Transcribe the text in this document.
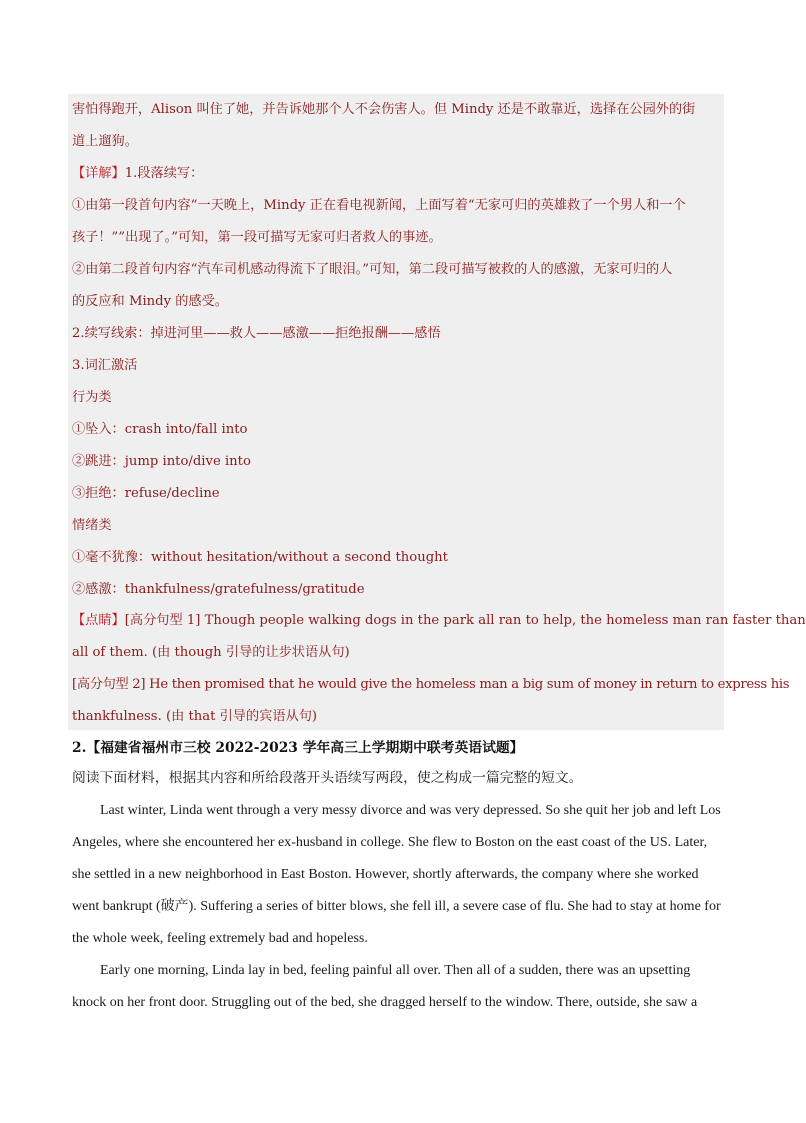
害怕得跑开，Alison 叫住了她，并告诉她那个人不会伤害人。但 Mindy 还是不敢靠近，选择在公园外的街
道上遛狗。
【详解】1.段落续写：
①由第一段首句内容“一天晚上，Mindy 正在看电视新闻，上面写着“无家可归的英雄救了一个男人和一个
孩子！””出现了。”可知，第一段可描写无家可归者救人的事迹。
②由第二段首句内容“汽车司机感动得流下了眼泪。”可知，第二段可描写被救的人的感激，无家可归的人
的反应和 Mindy 的感受。
2.续写线索：掉进河里——救人——感激——拒绝报酬——感悟
3.词汇激活
行为类
①坠入：crash into/fall into
②跳进：jump into/dive into
③拒绝：refuse/decline
情绪类
①毫不犹豫：without hesitation/without a second thought
②感激：thankfulness/gratefulness/gratitude
【点睛】[高分句型 1] Though people walking dogs in the park all ran to help, the homeless man ran faster than
all of them. (由 though 引导的让步状语从句)
[高分句型 2] He then promised that he would give the homeless man a big sum of money in return to express his
thankfulness. (由 that 引导的宾语从句)
2.【福建省福州市三校 2022-2023 学年高三上学期期中联考英语试题】
阅读下面材料，根据其内容和所给段落开头语续写两段，使之构成一篇完整的短文。
Last winter, Linda went through a very messy divorce and was very depressed. So she quit her job and left Los
Angeles, where she encountered her ex-husband in college. She flew to Boston on the east coast of the US. Later,
she settled in a new neighborhood in East Boston. However, shortly afterwards, the company where she worked
went bankrupt (破产). Suffering a series of bitter blows, she fell ill, a severe case of flu. She had to stay at home for
the whole week, feeling extremely bad and hopeless.
Early one morning, Linda lay in bed, feeling painful all over. Then all of a sudden, there was an upsetting
knock on her front door. Struggling out of the bed, she dragged herself to the window. There, outside, she saw a
